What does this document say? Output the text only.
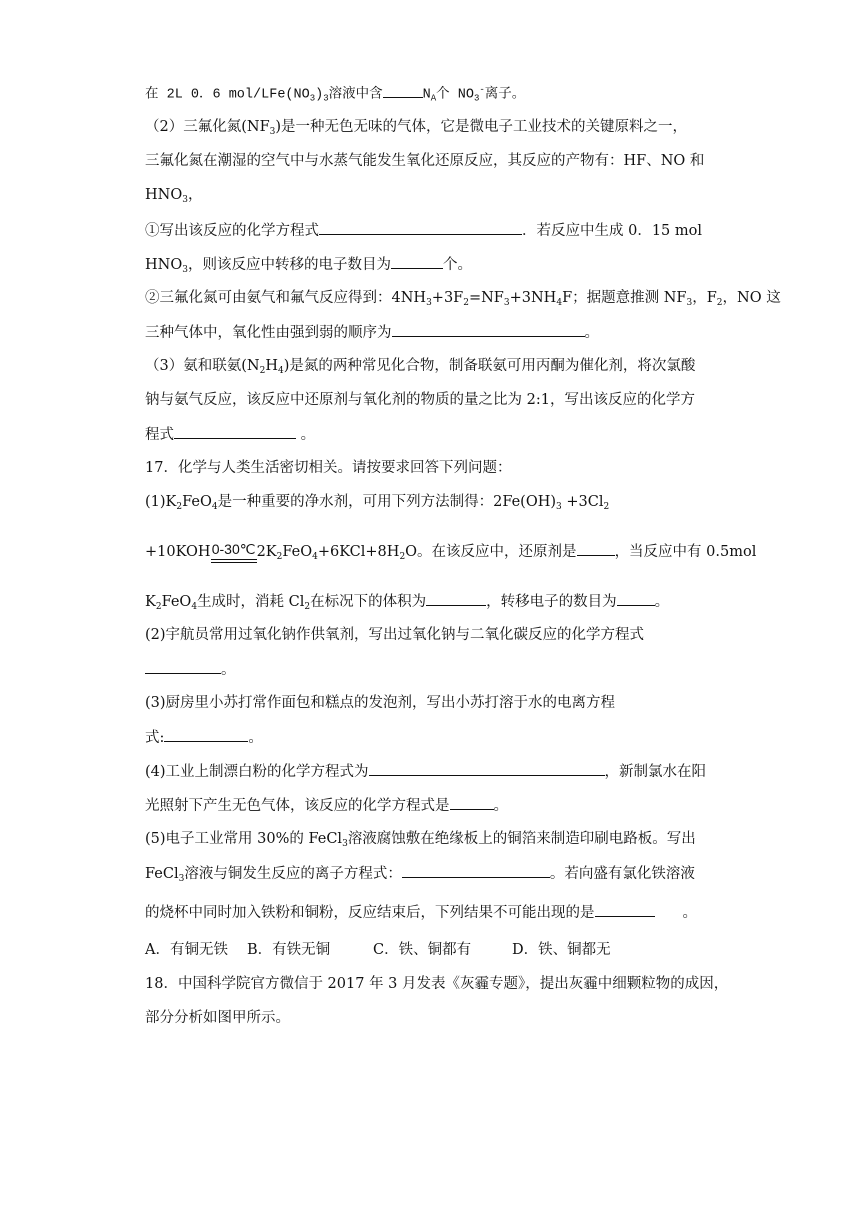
在 2L 0．6 mol/$LFe(NO_3)_3$溶液中含	$N_A$个 $NO_3^-$离子。
（2）三氟化氮$(NF_3)$是一种无色无味的气体，它是微电子工业技术的关键原料之一，
三氟化氮在潮湿的空气中与水蒸气能发生氧化还原反应，其反应的产物有：HF、NO 和
$HNO_3$，
①写出该反应的化学方程式	．若反应中生成 0．15 mol
$HNO_3$，则该反应中转移的电子数目为	个。
②三氟化氮可由氨气和氟气反应得到：$4NH_3+3F_2=NF_3+3NH_4F$；据题意推测 $NF_3$，$F_2$，NO 这
三种气体中，氧化性由强到弱的顺序为	。
（3）氨和联氨$(N_2H_4)$是氮的两种常见化合物，制备联氨可用丙酮为催化剂，将次氯酸
钠与氨气反应，该反应中还原剂与氧化剂的物质的量之比为 2:1，写出该反应的化学方
程式	。
17．化学与人类生活密切相关。请按要求回答下列问题：
$(1)K_2FeO_4$是一种重要的净水剂，可用下列方法制得：$2Fe(OH)_3 +3Cl_2$
+10KOH 0-30℃ $2K_2FeO_4+6KCl+8H_2O$。在该反应中，还原剂是	，当反应中有 0.5mol
$K_2FeO_4$生成时，消耗 $Cl_2$在标况下的体积为	，转移电子的数目为	。
(2)宇航员常用过氧化钠作供氧剂，写出过氧化钠与二氧化碳反应的化学方程式
。
(3)厨房里小苏打常作面包和糕点的发泡剂，写出小苏打溶于水的电离方程
式:	。
(4)工业上制漂白粉的化学方程式为	，新制氯水在阳
光照射下产生无色气体，该反应的化学方程式是	。
(5)电子工业常用 30%的 FeCl$_3$溶液腐蚀敷在绝缘板上的铜箔来制造印刷电路板。写出
FeCl$_3$溶液与铜发生反应的离子方程式：	。若向盛有氯化铁溶液
的烧杯中同时加入铁粉和铜粉，反应结束后，下列结果不可能出现的是	。
A．有铜无铁 B．有铁无铜	C．铁、铜都有	D．铁、铜都无
18．中国科学院官方微信于 2017 年 3 月发表《灰霾专题》，提出灰霾中细颗粒物的成因，
部分分析如图甲所示。
